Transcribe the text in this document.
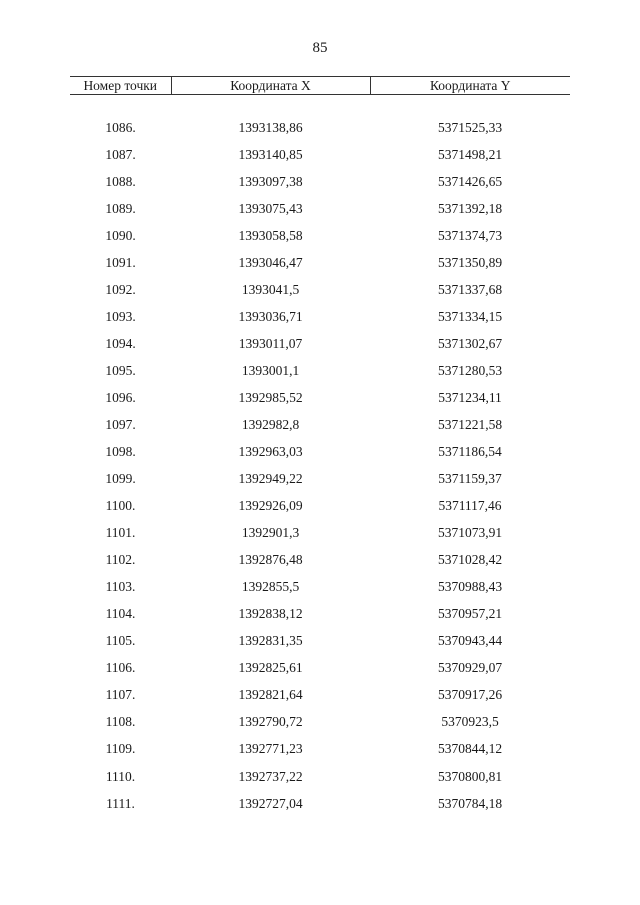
85
Номер точки	Координата X	Координата Y

1086.	1393138,86	5371525,33
1087.	1393140,85	5371498,21
1088.	1393097,38	5371426,65
1089.	1393075,43	5371392,18
1090.	1393058,58	5371374,73
1091.	1393046,47	5371350,89
1092.	1393041,5	5371337,68
1093.	1393036,71	5371334,15
1094.	1393011,07	5371302,67
1095.	1393001,1	5371280,53
1096.	1392985,52	5371234,11
1097.	1392982,8	5371221,58
1098.	1392963,03	5371186,54
1099.	1392949,22	5371159,37
1100.	1392926,09	5371117,46
1101.	1392901,3	5371073,91
1102.	1392876,48	5371028,42
1103.	1392855,5	5370988,43
1104.	1392838,12	5370957,21
1105.	1392831,35	5370943,44
1106.	1392825,61	5370929,07
1107.	1392821,64	5370917,26
1108.	1392790,72	5370923,5
1109.	1392771,23	5370844,12
1110.	1392737,22	5370800,81
1111.	1392727,04	5370784,18
